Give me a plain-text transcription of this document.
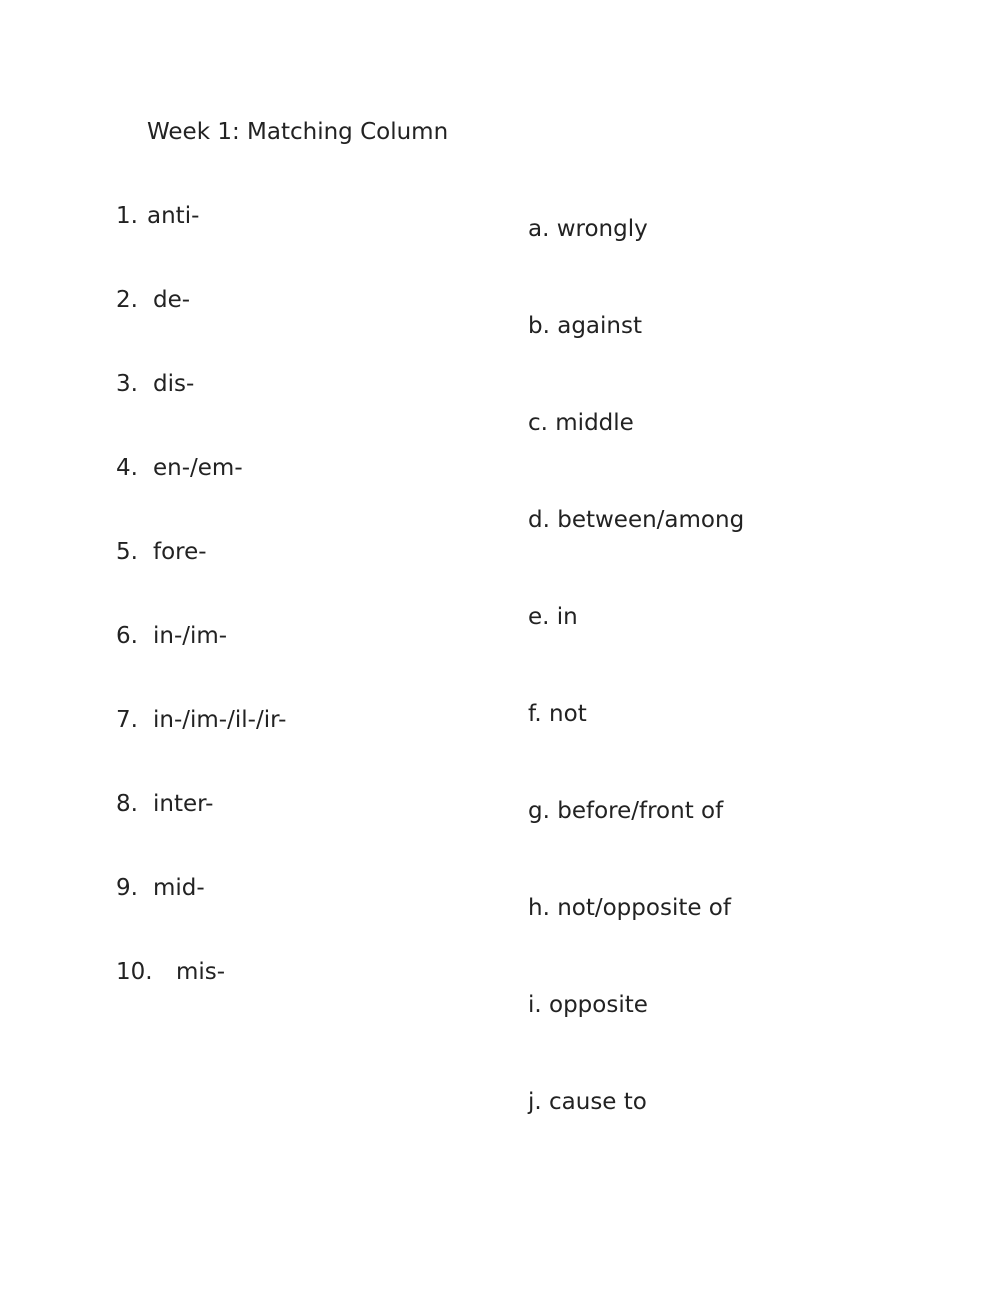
Week 1: Matching Column
1. anti-
2. de-
3. dis-
4. en-/em-
5. fore-
6. in-/im-
7. in-/im-/il-/ir-
8. inter-
9. mid-
10. mis-
a. wrongly
b. against
c. middle
d. between/among
e. in
f. not
g. before/front of
h. not/opposite of
i. opposite
j. cause to
